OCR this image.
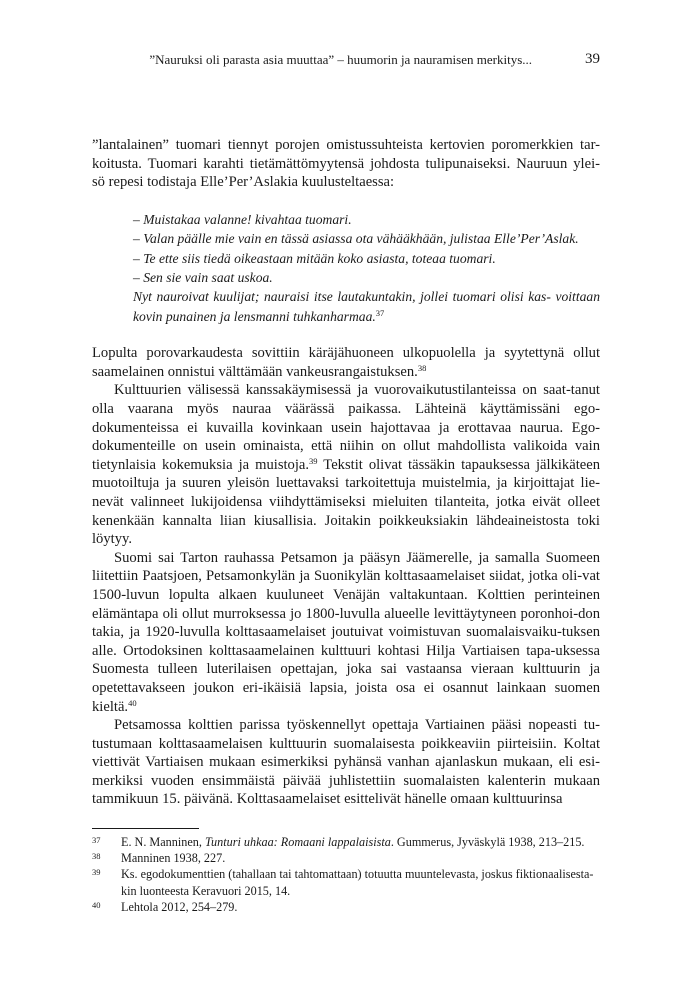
”Nauruksi oli parasta asia muuttaa” – huumorin ja nauramisen merkitys...	39

”lantalainen” tuomari tiennyt porojen omistussuhteista kertovien poromerkkien tar- koitusta. Tuomari karahti tietämättömyytensä johdosta tulipunaiseksi. Nauruun ylei- sö repesi todistaja Elle’Per’Aslakia kuulusteltaessa:

– Muistakaa valanne! kivahtaa tuomari.
– Valan päälle mie vain en tässä asiassa ota vähääkhään, julistaa Elle’Per’Aslak.
– Te ette siis tiedä oikeastaan mitään koko asiasta, toteaa tuomari.
– Sen sie vain saat uskoa.
Nyt nauroivat kuulijat; nauraisi itse lautakuntakin, jollei tuomari olisi kas- voittaan kovin punainen ja lensmanni tuhkanharmaa.$^{37}$

Lopulta porovarkaudesta sovittiin käräjähuoneen ulkopuolella ja syytettynä ollut saamelainen onnistui välttämään vankeusrangaistuksen.$^{38}$

Kulttuurien välisessä kanssakäymisessä ja vuorovaikutustilanteissa on saat-tanut olla vaarana myös nauraa väärässä paikassa. Lähteinä käyttämissäni ego-dokumenteissa ei kuvailla kovinkaan usein hajottavaa ja erottavaa naurua. Ego-dokumenteille on usein ominaista, että niihin on ollut mahdollista valikoida vain tietynlaisia kokemuksia ja muistoja.$^{39}$ Tekstit olivat tässäkin tapauksessa jälkikäteen muotoiltuja ja suuren yleisön luettavaksi tarkoitettuja muistelmia, ja kirjoittajat lie-nevät valinneet lukijoidensa viihdyttämiseksi mieluiten tilanteita, jotka eivät olleet kenenkään kannalta liian kiusallisia. Joitakin poikkeuksiakin lähdeaineistosta toki löytyy.

Suomi sai Tarton rauhassa Petsamon ja pääsyn Jäämerelle, ja samalla Suomeen liitettiin Paatsjoen, Petsamonkylän ja Suonikylän kolttasaamelaiset siidat, jotka oli-vat 1500-luvun lopulta alkaen kuuluneet Venäjän valtakuntaan. Kolttien perinteinen elämäntapa oli ollut murroksessa jo 1800-luvulla alueelle levittäytyneen poronhoi-don takia, ja 1920-luvulla kolttasaamelaiset joutuivat voimistuvan suomalaisvaiku-tuksen alle. Ortodoksinen kolttasaamelainen kulttuuri kohtasi Hilja Vartiaisen tapa-uksessa Suomesta tulleen luterilaisen opettajan, joka sai vastaansa vieraan kulttuurin ja opetettavakseen joukon eri-ikäisiä lapsia, joista osa ei osannut lainkaan suomen kieltä.$^{40}$

Petsamossa kolttien parissa työskennellyt opettaja Vartiainen pääsi nopeasti tu-tustumaan kolttasaamelaisen kulttuurin suomalaisesta poikkeaviin piirteisiin. Koltat viettivät Vartiaisen mukaan esimerkiksi pyhänsä vanhan ajanlaskun mukaan, eli esi-merkiksi vuoden ensimmäistä päivää juhlistettiin suomalaisten kalenterin mukaan tammikuun 15. päivänä. Kolttasaamelaiset esittelivät hänelle omaan kulttuurinsa

37	E. N. Manninen, Tunturi uhkaa: Romaani lappalaisista. Gummerus, Jyväskylä 1938, 213–215.
38	Manninen 1938, 227.
39	Ks. egodokumenttien (tahallaan tai tahtomattaan) totuutta muuntelevasta, joskus fiktionaalisesta-kin luonteesta Keravuori 2015, 14.
40	Lehtola 2012, 254–279.
